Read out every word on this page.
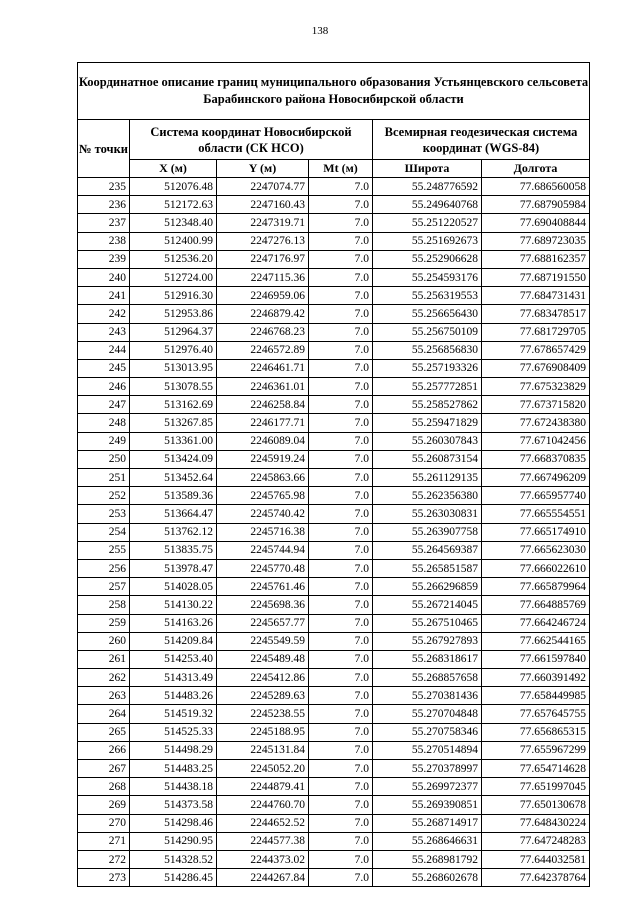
138
Координатное описание границ муниципального образования Устьянцевского сельсовета Барабинского района Новосибирской области					
№ точки	Система координат Новосибирской области (СК НСО)			Всемирная геодезическая система координат (WGS-84)	
	X (м)	Y (м)	Mt (м)	Широта	Долгота
235	512076.48	2247074.77	7.0	55.248776592	77.686560058
236	512172.63	2247160.43	7.0	55.249640768	77.687905984
237	512348.40	2247319.71	7.0	55.251220527	77.690408844
238	512400.99	2247276.13	7.0	55.251692673	77.689723035
239	512536.20	2247176.97	7.0	55.252906628	77.688162357
240	512724.00	2247115.36	7.0	55.254593176	77.687191550
241	512916.30	2246959.06	7.0	55.256319553	77.684731431
242	512953.86	2246879.42	7.0	55.256656430	77.683478517
243	512964.37	2246768.23	7.0	55.256750109	77.681729705
244	512976.40	2246572.89	7.0	55.256856830	77.678657429
245	513013.95	2246461.71	7.0	55.257193326	77.676908409
246	513078.55	2246361.01	7.0	55.257772851	77.675323829
247	513162.69	2246258.84	7.0	55.258527862	77.673715820
248	513267.85	2246177.71	7.0	55.259471829	77.672438380
249	513361.00	2246089.04	7.0	55.260307843	77.671042456
250	513424.09	2245919.24	7.0	55.260873154	77.668370835
251	513452.64	2245863.66	7.0	55.261129135	77.667496209
252	513589.36	2245765.98	7.0	55.262356380	77.665957740
253	513664.47	2245740.42	7.0	55.263030831	77.665554551
254	513762.12	2245716.38	7.0	55.263907758	77.665174910
255	513835.75	2245744.94	7.0	55.264569387	77.665623030
256	513978.47	2245770.48	7.0	55.265851587	77.666022610
257	514028.05	2245761.46	7.0	55.266296859	77.665879964
258	514130.22	2245698.36	7.0	55.267214045	77.664885769
259	514163.26	2245657.77	7.0	55.267510465	77.664246724
260	514209.84	2245549.59	7.0	55.267927893	77.662544165
261	514253.40	2245489.48	7.0	55.268318617	77.661597840
262	514313.49	2245412.86	7.0	55.268857658	77.660391492
263	514483.26	2245289.63	7.0	55.270381436	77.658449985
264	514519.32	2245238.55	7.0	55.270704848	77.657645755
265	514525.33	2245188.95	7.0	55.270758346	77.656865315
266	514498.29	2245131.84	7.0	55.270514894	77.655967299
267	514483.25	2245052.20	7.0	55.270378997	77.654714628
268	514438.18	2244879.41	7.0	55.269972377	77.651997045
269	514373.58	2244760.70	7.0	55.269390851	77.650130678
270	514298.46	2244652.52	7.0	55.268714917	77.648430224
271	514290.95	2244577.38	7.0	55.268646631	77.647248283
272	514328.52	2244373.02	7.0	55.268981792	77.644032581
273	514286.45	2244267.84	7.0	55.268602678	77.642378764
